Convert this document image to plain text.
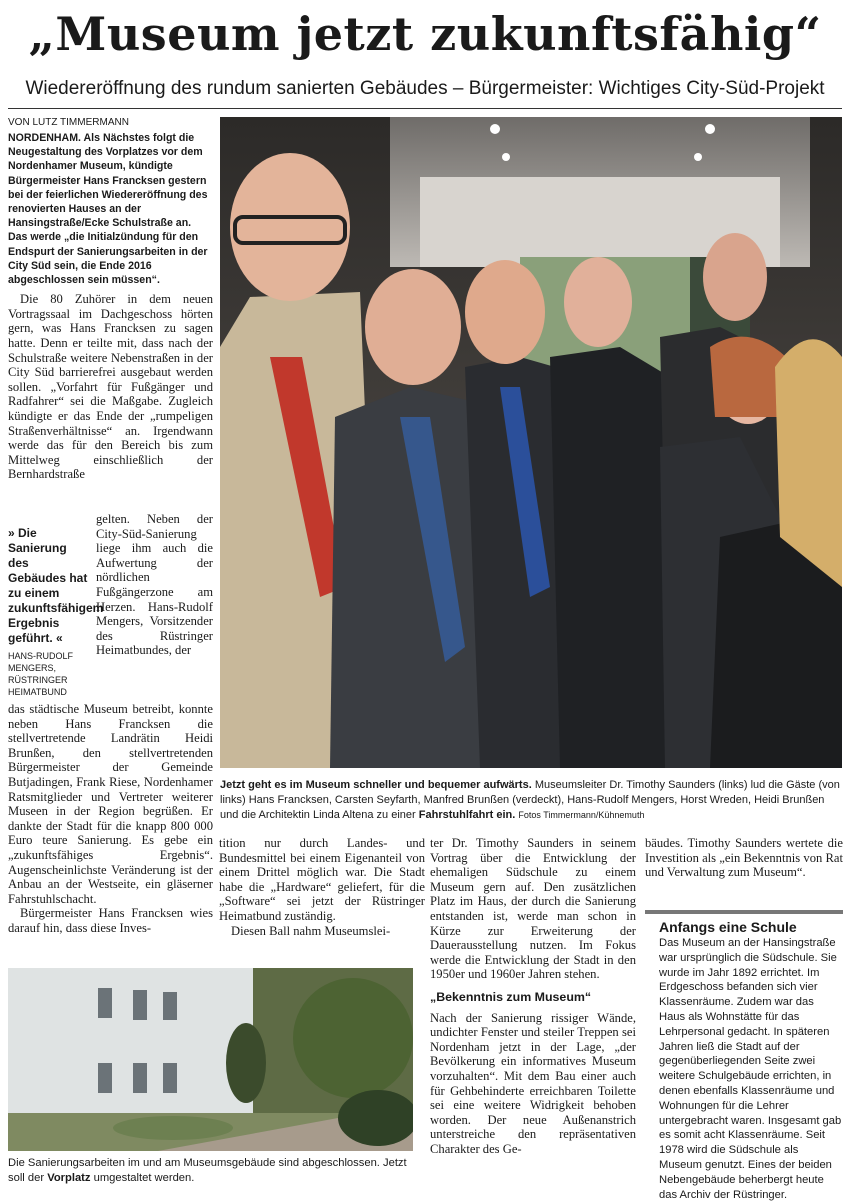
„Museum jetzt zukunftsfähig“
Wiedereröffnung des rundum sanierten Gebäudes – Bürgermeister: Wichtiges City-Süd-Projekt
VON LUTZ TIMMERMANN

NORDENHAM. Als Nächstes folgt die Neugestaltung des Vorplatzes vor dem Nordenhamer Museum, kündigte Bürgermeister Hans Francksen gestern bei der feierlichen Wiedereröffnung des renovierten Hauses an der Hansingstraße/Ecke Schulstraße an. Das werde „die Initialzündung für den Endspurt der Sanierungsarbeiten in der City Süd sein, die Ende 2016 abgeschlossen sein müssen“.

Die 80 Zuhörer in dem neuen Vortragssaal im Dachgeschoss hörten gern, was Hans Francksen zu sagen hatte. Denn er teilte mit, dass nach der Schulstraße weitere Nebenstraßen in der City Süd barrierefrei ausgebaut werden sollen. „Vorfahrt für Fußgänger und Radfahrer“ sei die Maßgabe. Zugleich kündigte er das Ende der „rumpeligen Straßenverhältnisse“ an. Irgendwann werde das für den Bereich bis zum Mittelweg einschließlich der Bernhardstraße

» Die Sanierung des Gebäudes hat zu einem zukunftsfähigem Ergebnis geführt. «

HANS-RUDOLF MENGERS, RÜSTRINGER HEIMATBUND

gelten. Neben der City-Süd-Sanierung liege ihm auch die Aufwertung der nördlichen Fußgängerzone am Herzen. Hans-Rudolf Mengers, Vorsitzender des Rüstringer Heimatbundes, der

das städtische Museum betreibt, konnte neben Hans Francksen die stellvertretende Landrätin Heidi Brunßen, den stellvertretenden Bürgermeister der Gemeinde Butjadingen, Frank Riese, Nordenhamer Ratsmitglieder und Vertreter weiterer Museen in der Region begrüßen. Er dankte der Stadt für die knapp 800 000 Euro teure Sanierung. Es gebe ein „zukunftsfähiges Ergebnis“. Augenscheinlichste Veränderung ist der Anbau an der Westseite, ein gläserner Fahrstuhlschacht.

Bürgermeister Hans Francksen wies darauf hin, dass diese Inves-

Jetzt geht es im Museum schneller und bequemer aufwärts. Museumsleiter Dr. Timothy Saunders (links) lud die Gäste (von links) Hans Francksen, Carsten Seyfarth, Manfred Brunßen (verdeckt), Hans-Rudolf Mengers, Horst Wreden, Heidi Brunßen und die Architektin Linda Altena zu einer Fahrstuhlfahrt ein. Fotos Timmermann/Kühnemuth

tition nur durch Landes- und Bundesmittel bei einem Eigenanteil von einem Drittel möglich war. Die Stadt habe die „Hardware“ geliefert, für die „Software“ sei jetzt der Rüstringer Heimatbund zuständig.

Diesen Ball nahm Museumslei-

ter Dr. Timothy Saunders in seinem Vortrag über die Entwicklung der ehemaligen Südschule zu einem Museum gern auf. Den zusätzlichen Platz im Haus, der durch die Sanierung entstanden ist, werde man schon in Kürze zur Erweiterung der Dauerausstellung nutzen. Im Fokus werde die Entwicklung der Stadt in den 1950er und 1960er Jahren stehen.

„Bekenntnis zum Museum“

Nach der Sanierung rissiger Wände, undichter Fenster und steiler Treppen sei Nordenham jetzt in der Lage, „der Bevölkerung ein informatives Museum vorzuhalten“. Mit dem Bau einer auch für Gehbehinderte erreichbaren Toilette sei eine weitere Widrigkeit behoben worden. Der neue Außenanstrich unterstreiche den repräsentativen Charakter des Ge-

bäudes. Timothy Saunders wertete die Investition als „ein Bekenntnis von Rat und Verwaltung zum Museum“.

Anfangs eine Schule

Das Museum an der Hansingstraße war ursprünglich die Südschule. Sie wurde im Jahr 1892 errichtet. Im Erdgeschoss befanden sich vier Klassenräume. Zudem war das Haus als Wohnstätte für das Lehrpersonal gedacht. In späteren Jahren ließ die Stadt auf der gegenüberliegenden Seite zwei weitere Schulgebäude errichten, in denen ebenfalls Klassenräume und Wohnungen für die Lehrer untergebracht waren. Insgesamt gab es somit acht Klassenräume. Seit 1978 wird die Südschule als Museum genutzt. Eines der beiden Nebengebäude beherbergt heute das Archiv der Rüstringer.

Die Sanierungsarbeiten im und am Museumsgebäude sind abgeschlossen. Jetzt soll der Vorplatz umgestaltet werden.
